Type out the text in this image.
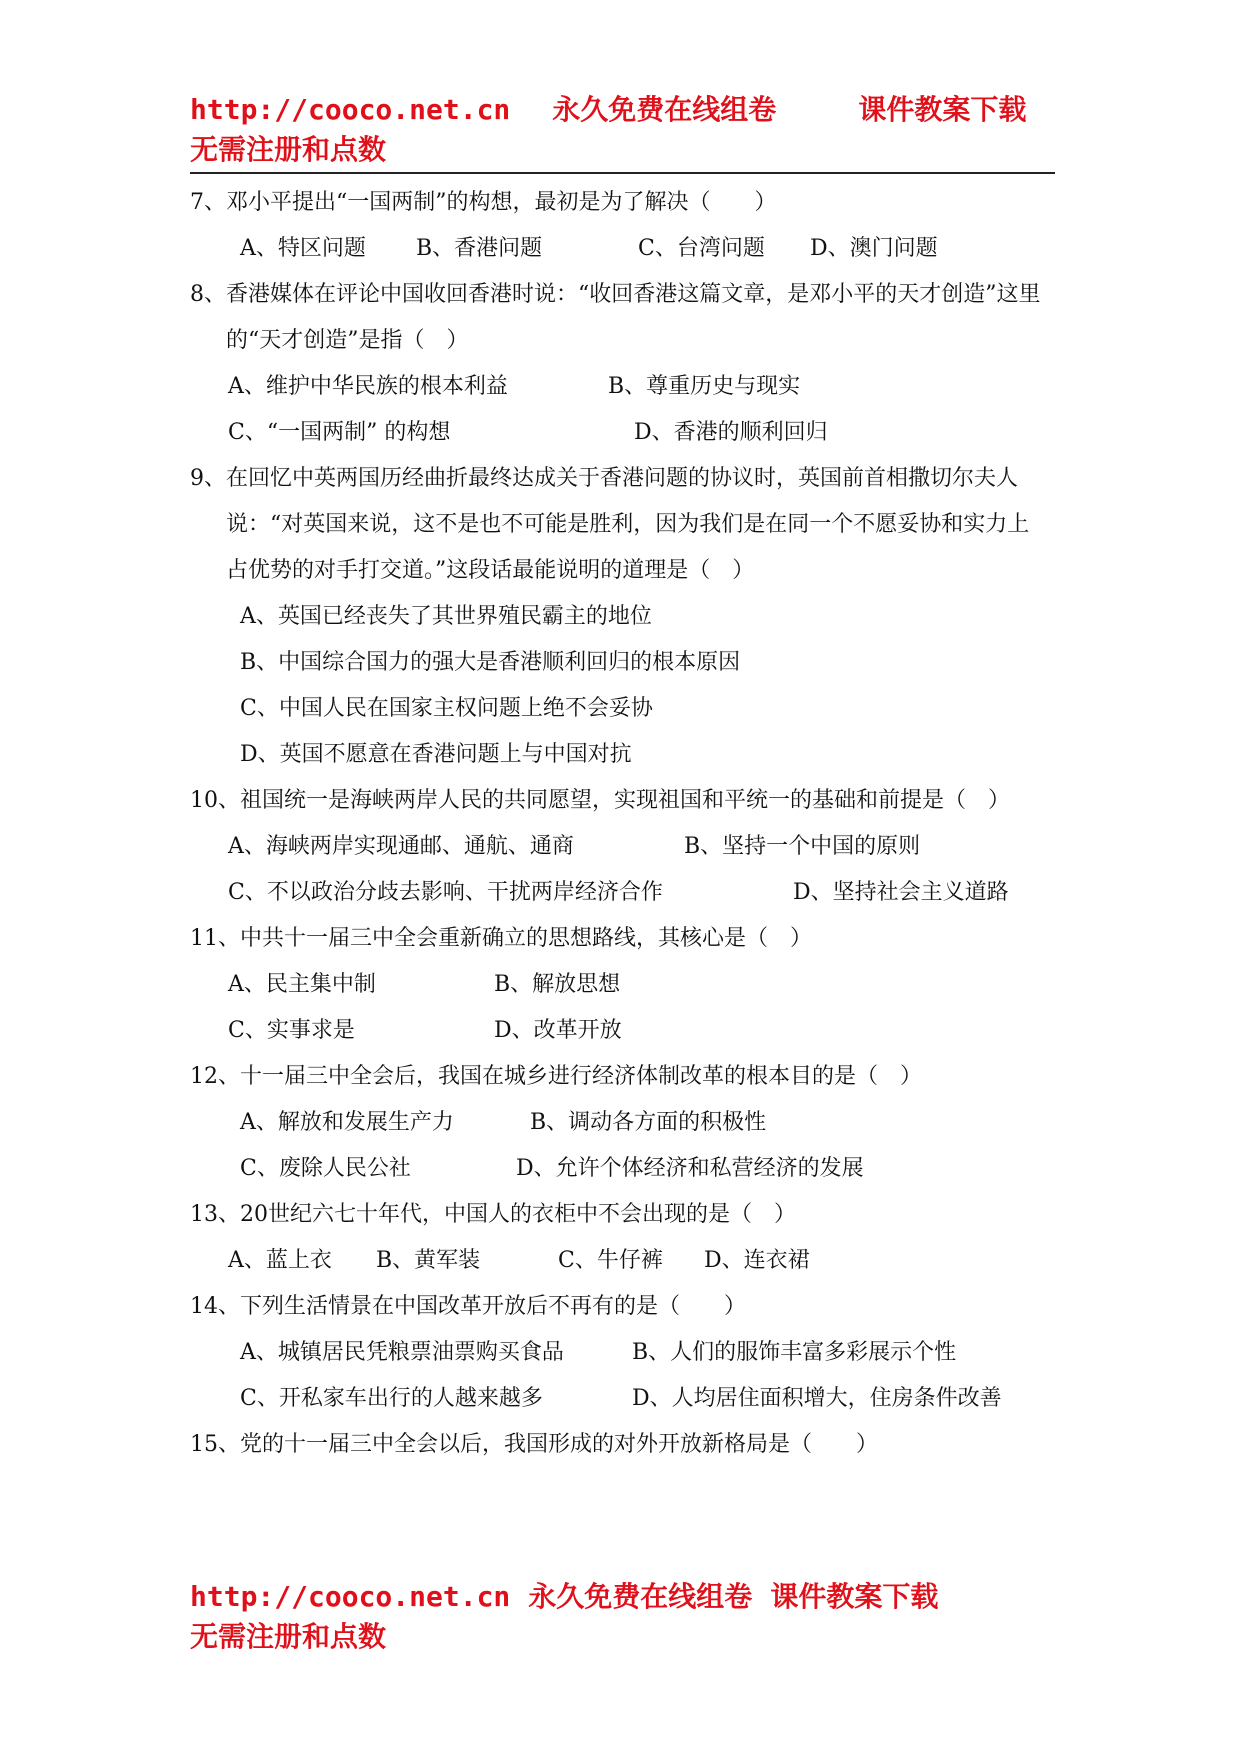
http://cooco.net.cn 永久免费在线组卷	课件教案下载
无需注册和点数

7、邓小平提出“一国两制”的构想，最初是为了解决（　　）

A、特区问题 B、香港问题	C、台湾问题 D、澳门问题

8、香港媒体在评论中国收回香港时说：“收回香港这篇文章，是邓小平的天才创造”这里的“天才创造”是指（　）

A、维护中华民族的根本利益	B、尊重历史与现实

C、“一国两制” 的构想	D、香港的顺利回归

9、在回忆中英两国历经曲折最终达成关于香港问题的协议时，英国前首相撒切尔夫人说：“对英国来说，这不是也不可能是胜利，因为我们是在同一个不愿妥协和实力上占优势的对手打交道。”这段话最能说明的道理是（　）

A、英国已经丧失了其世界殖民霸主的地位

B、中国综合国力的强大是香港顺利回归的根本原因

C、中国人民在国家主权问题上绝不会妥协

D、英国不愿意在香港问题上与中国对抗

10、祖国统一是海峡两岸人民的共同愿望，实现祖国和平统一的基础和前提是（　）

A、海峡两岸实现通邮、通航、通商	B、坚持一个中国的原则

C、不以政治分歧去影响、干扰两岸经济合作	D、坚持社会主义道路

11、中共十一届三中全会重新确立的思想路线，其核心是（　）

A、民主集中制	B、解放思想

C、实事求是	D、改革开放

12、十一届三中全会后，我国在城乡进行经济体制改革的根本目的是（　）

A、解放和发展生产力	B、调动各方面的积极性

C、废除人民公社	D、允许个体经济和私营经济的发展

13、20世纪六七十年代，中国人的衣柜中不会出现的是（　）

A、蓝上衣 B、黄军装	C、牛仔裤 D、连衣裙

14、下列生活情景在中国改革开放后不再有的是（　　）

A、城镇居民凭粮票油票购买食品	B、人们的服饰丰富多彩展示个性

C、开私家车出行的人越来越多	D、人均居住面积增大，住房条件改善

15、党的十一届三中全会以后，我国形成的对外开放新格局是（　　）

http://cooco.net.cn 永久免费在线组卷 课件教案下载
无需注册和点数
